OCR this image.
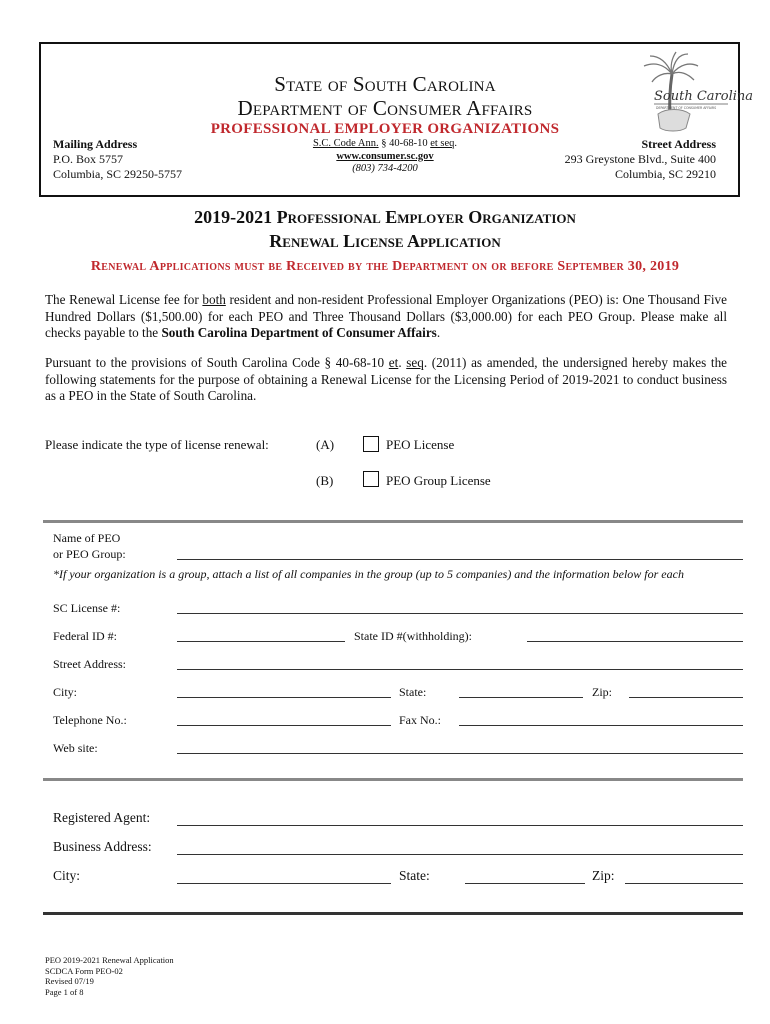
State of South Carolina
Department of Consumer Affairs
PROFESSIONAL EMPLOYER ORGANIZATIONS
Mailing Address
P.O. Box 5757
Columbia, SC 29250-5757
S.C. Code Ann. § 40-68-10 et seq.
www.consumer.sc.gov
(803) 734-4200
Street Address
293 Greystone Blvd., Suite 400
Columbia, SC 29210
South Carolina
DEPARTMENT OF CONSUMER AFFAIRS
2019-2021 Professional Employer Organization
Renewal License Application
Renewal Applications must be Received by the Department on or before September 30, 2019
The Renewal License fee for both resident and non-resident Professional Employer Organizations (PEO) is: One Thousand Five Hundred Dollars ($1,500.00) for each PEO and Three Thousand Dollars ($3,000.00) for each PEO Group. Please make all checks payable to the South Carolina Department of Consumer Affairs.
Pursuant to the provisions of South Carolina Code § 40-68-10 et. seq. (2011) as amended, the undersigned hereby makes the following statements for the purpose of obtaining a Renewal License for the Licensing Period of 2019-2021 to conduct business as a PEO in the State of South Carolina.
Please indicate the type of license renewal:	(A)	PEO License
(B)	PEO Group License
Name of PEO
or PEO Group:
*If your organization is a group, attach a list of all companies in the group (up to 5 companies) and the information below for each
SC License #:
Federal ID #:	State ID #(withholding):
Street Address:
City:	State:	Zip:
Telephone No.:	Fax No.:
Web site:
Registered Agent:
Business Address:
City:	State:	Zip:
PEO 2019-2021 Renewal Application
SCDCA Form PEO-02
Revised 07/19
Page 1 of 8
